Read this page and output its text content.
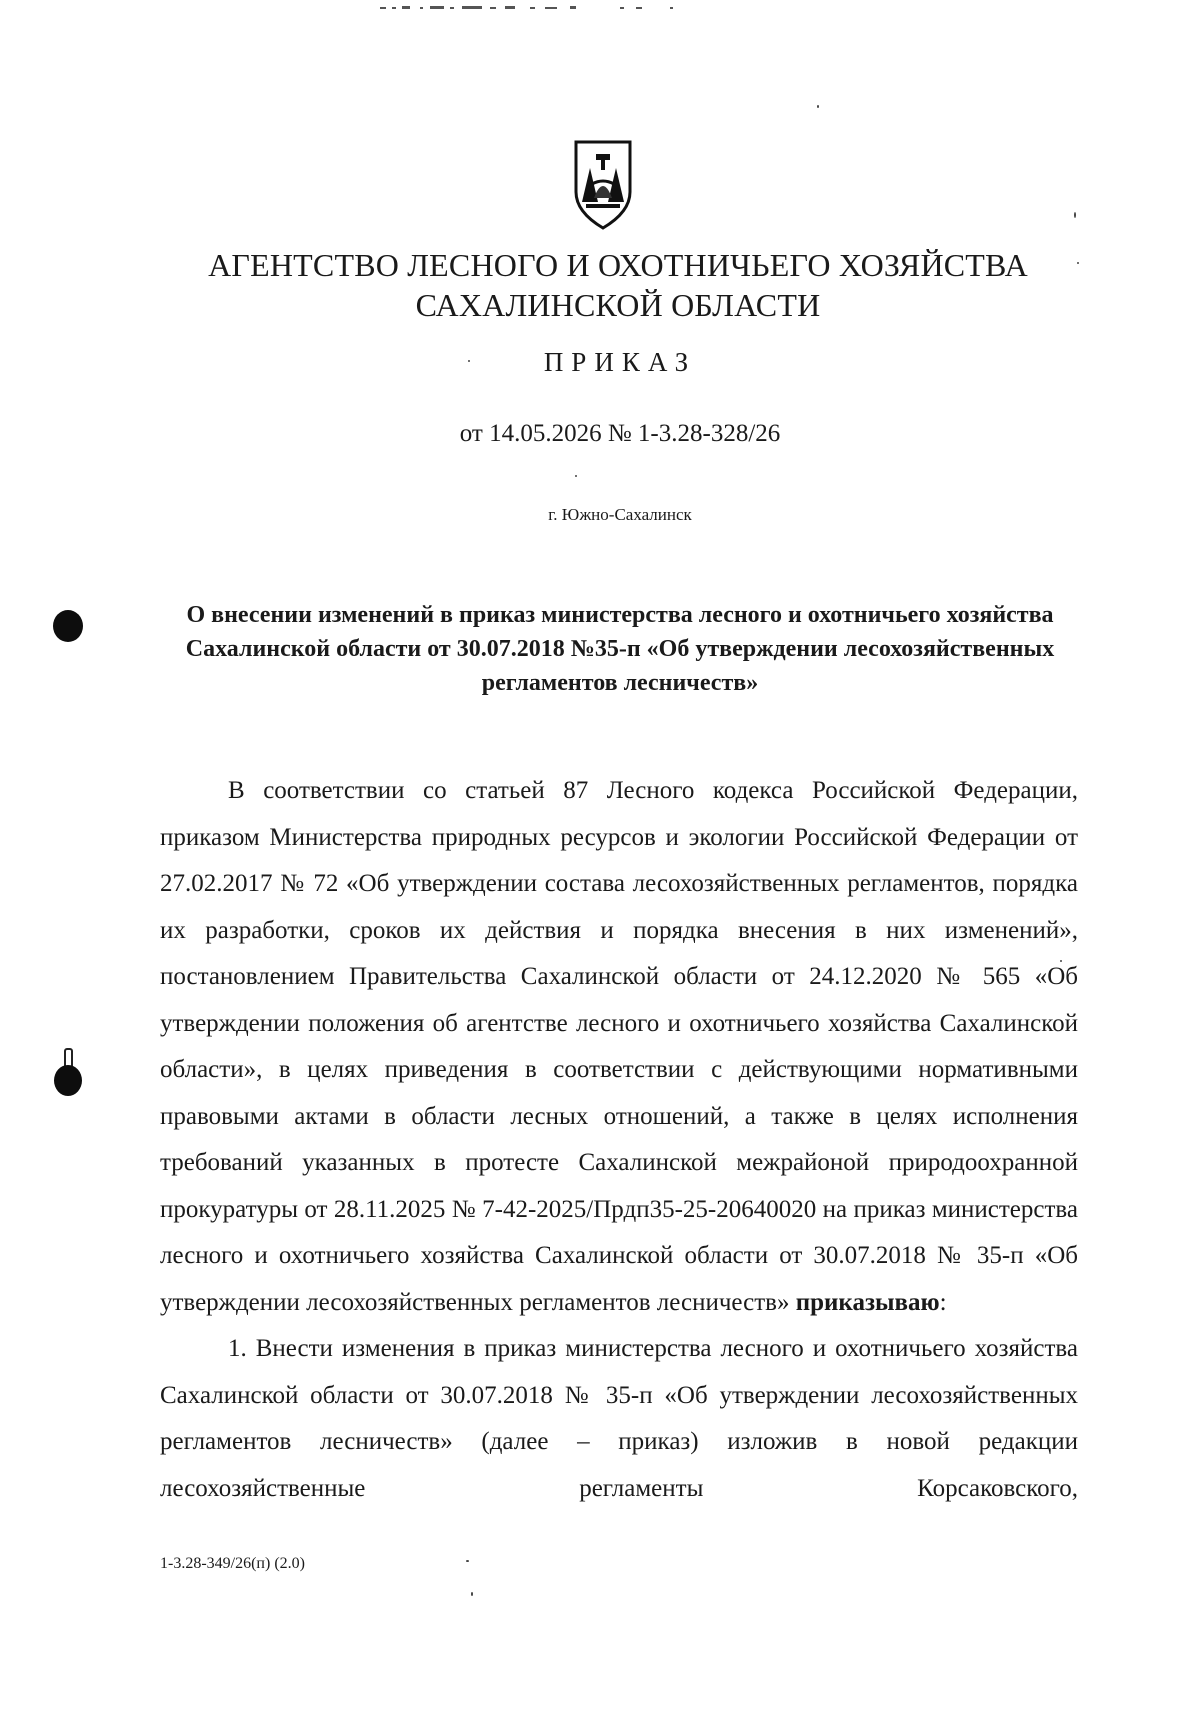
АГЕНТСТВО ЛЕСНОГО И ОХОТНИЧЬЕГО ХОЗЯЙСТВА
САХАЛИНСКОЙ ОБЛАСТИ
ПРИКАЗ
от 14.05.2026 № 1-3.28-328/26
г. Южно-Сахалинск
О внесении изменений в приказ министерства лесного и охотничьего хозяйства Сахалинской области от 30.07.2018 №35-п «Об утверждении лесохозяйственных регламентов лесничеств»

В соответствии со статьей 87 Лесного кодекса Российской Федерации, приказом Министерства природных ресурсов и экологии Российской Федерации от 27.02.2017 № 72 «Об утверждении состава лесохозяйственных регламентов, порядка их разработки, сроков их действия и порядка внесения в них изменений», постановлением Правительства Сахалинской области от 24.12.2020 № 565 «Об утверждении положения об агентстве лесного и охотничьего хозяйства Сахалинской области», в целях приведения в соответствии с действующими нормативными правовыми актами в области лесных отношений, а также в целях исполнения требований указанных в протесте Сахалинской межрайоной природоохранной прокуратуры от 28.11.2025 № 7-42-2025/Прдп35-25-20640020 на приказ министерства лесного и охотничьего хозяйства Сахалинской области от 30.07.2018 № 35-п «Об утверждении лесохозяйственных регламентов лесничеств» приказываю:

1. Внести изменения в приказ министерства лесного и охотничьего хозяйства Сахалинской области от 30.07.2018 № 35-п «Об утверждении лесохозяйственных регламентов лесничеств» (далее – приказ) изложив в новой редакции лесохозяйственные регламенты Корсаковского,

1-3.28-349/26(п) (2.0)
